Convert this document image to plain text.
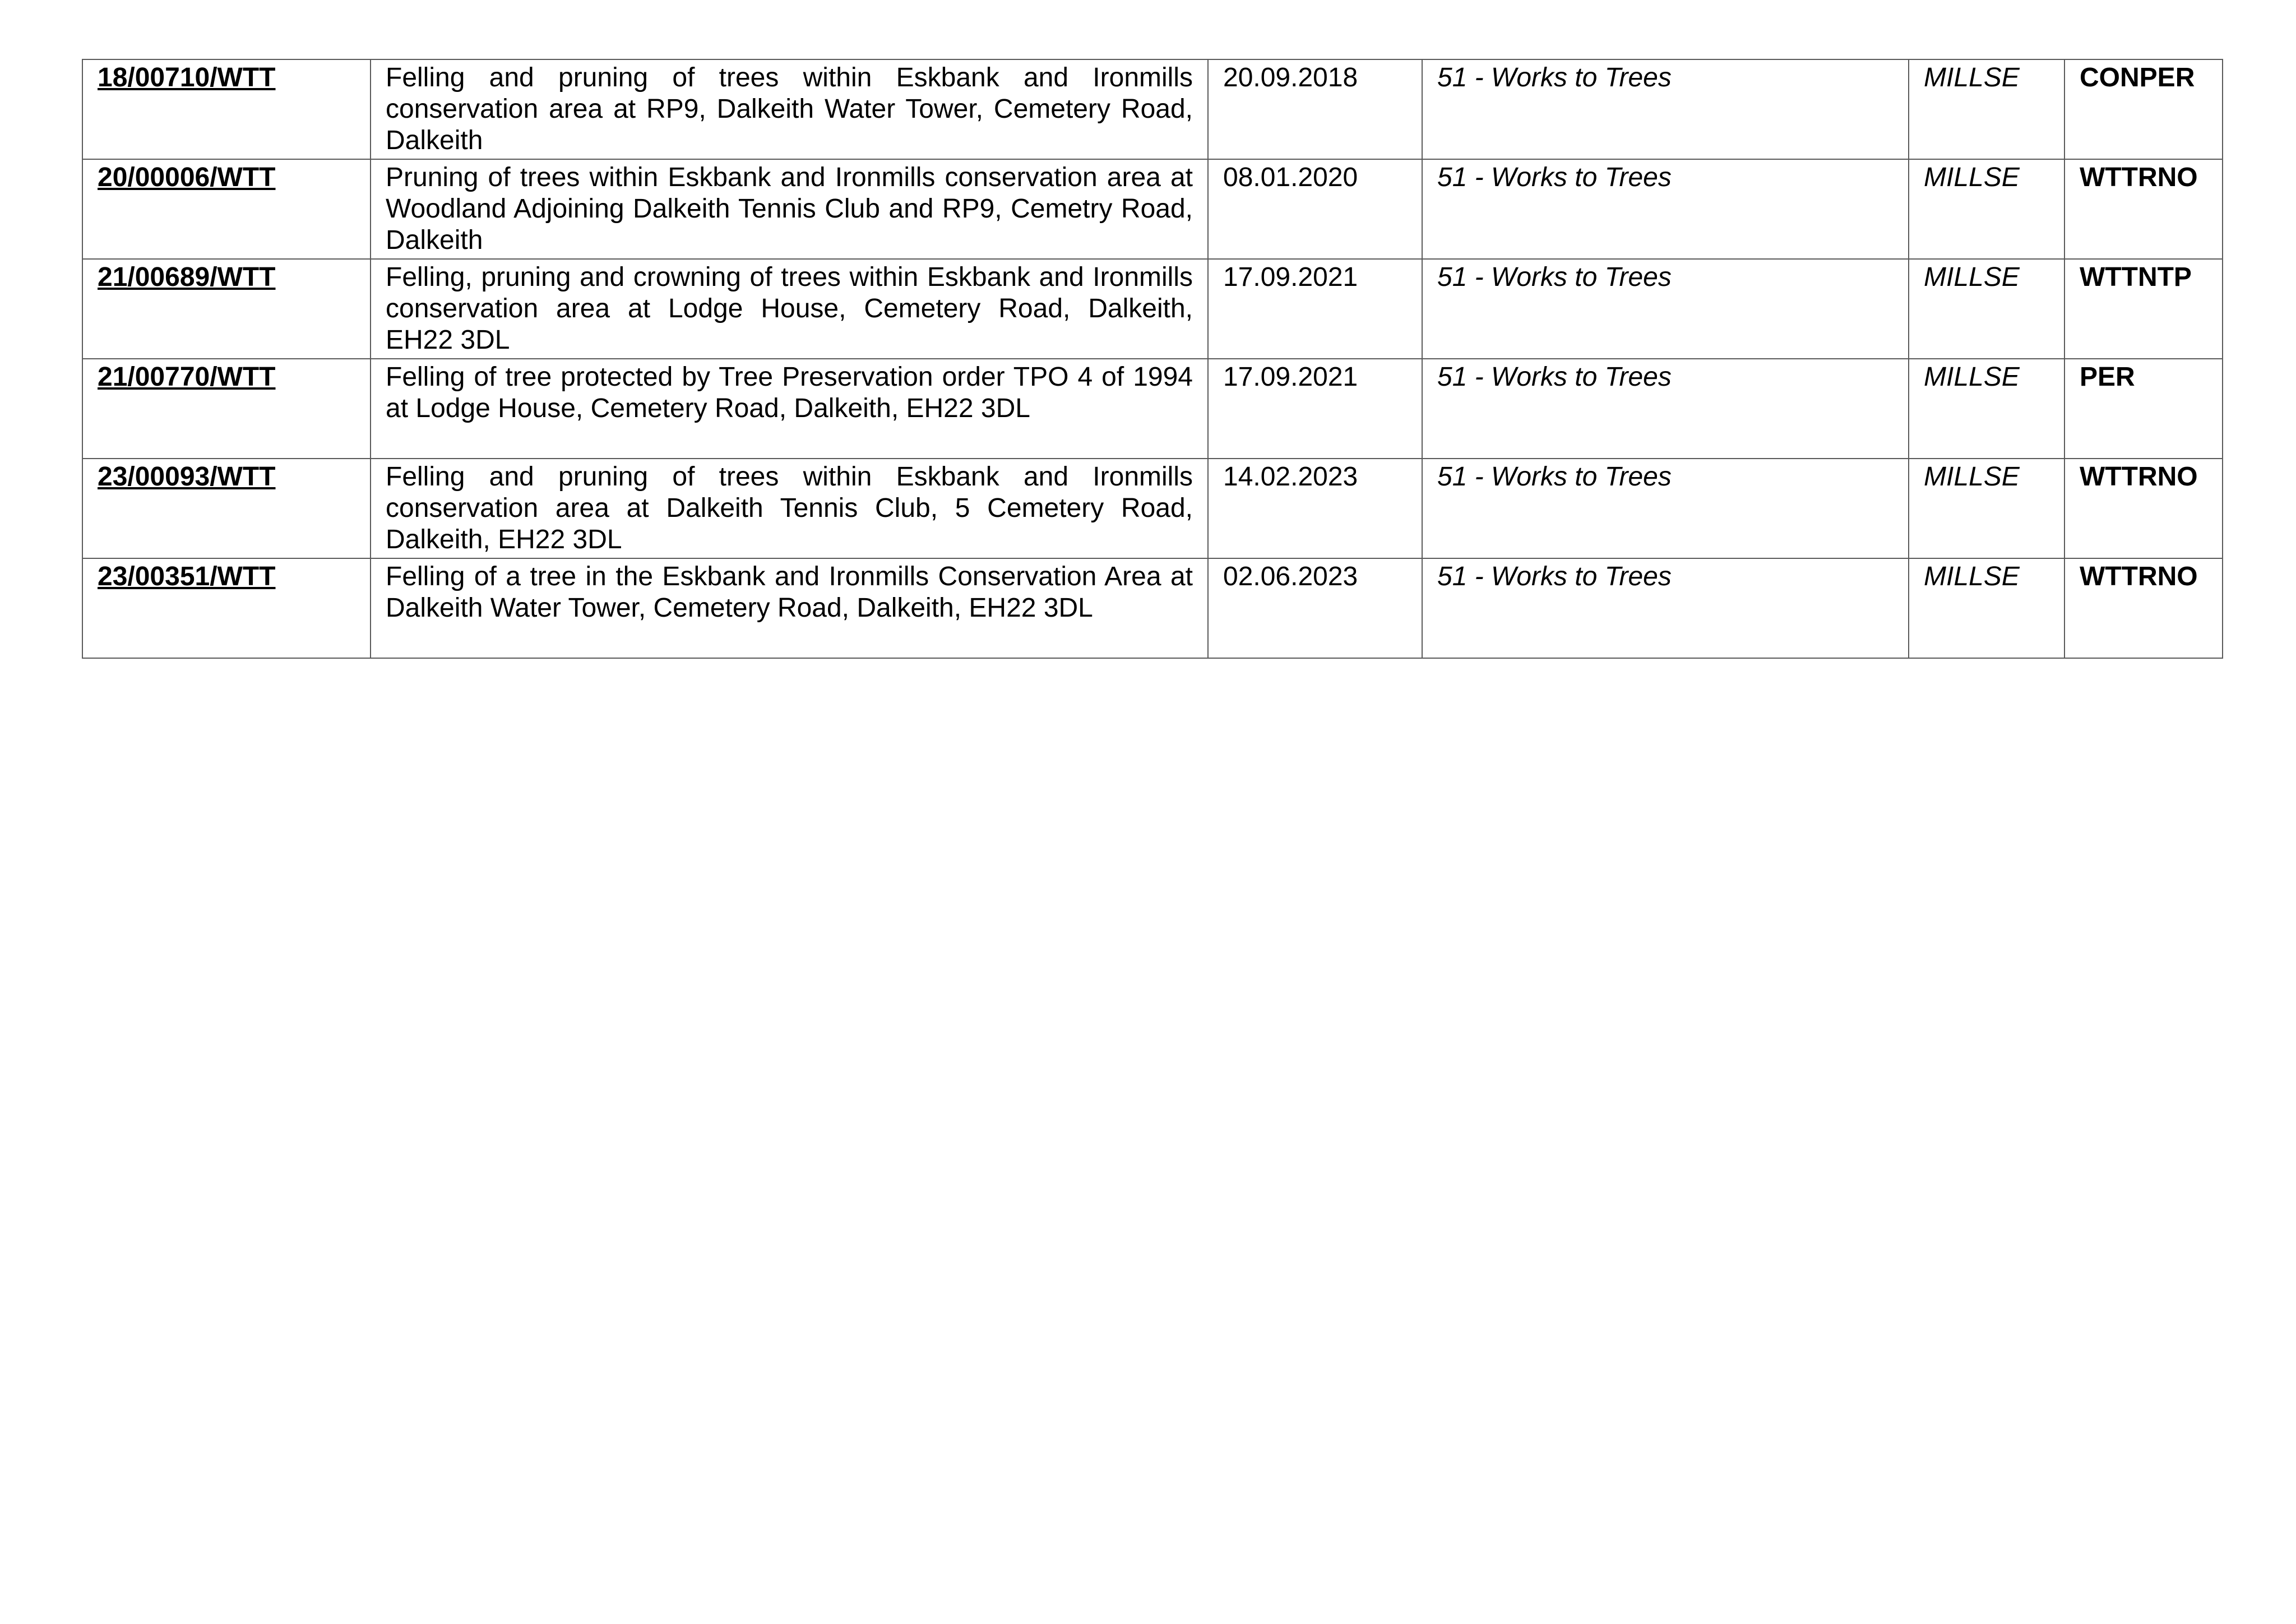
18/00710/WTT	Felling and pruning of trees within Eskbank and Ironmills conservation area at RP9, Dalkeith Water Tower, Cemetery Road, Dalkeith	20.09.2018	51 - Works to Trees	MILLSE	CONPER
20/00006/WTT	Pruning of trees within Eskbank and Ironmills conservation area at Woodland Adjoining Dalkeith Tennis Club and RP9, Cemetry Road, Dalkeith	08.01.2020	51 - Works to Trees	MILLSE	WTTRNO
21/00689/WTT	Felling, pruning and crowning of trees within Eskbank and Ironmills conservation area at Lodge House, Cemetery Road, Dalkeith, EH22 3DL	17.09.2021	51 - Works to Trees	MILLSE	WTTNTP
21/00770/WTT	Felling of tree protected by Tree Preservation order TPO 4 of 1994 at Lodge House, Cemetery Road, Dalkeith, EH22 3DL	17.09.2021	51 - Works to Trees	MILLSE	PER
23/00093/WTT	Felling and pruning of trees within Eskbank and Ironmills conservation area at Dalkeith Tennis Club, 5 Cemetery Road, Dalkeith, EH22 3DL	14.02.2023	51 - Works to Trees	MILLSE	WTTRNO
23/00351/WTT	Felling of a tree in the Eskbank and Ironmills Conservation Area at Dalkeith Water Tower, Cemetery Road, Dalkeith, EH22 3DL	02.06.2023	51 - Works to Trees	MILLSE	WTTRNO
